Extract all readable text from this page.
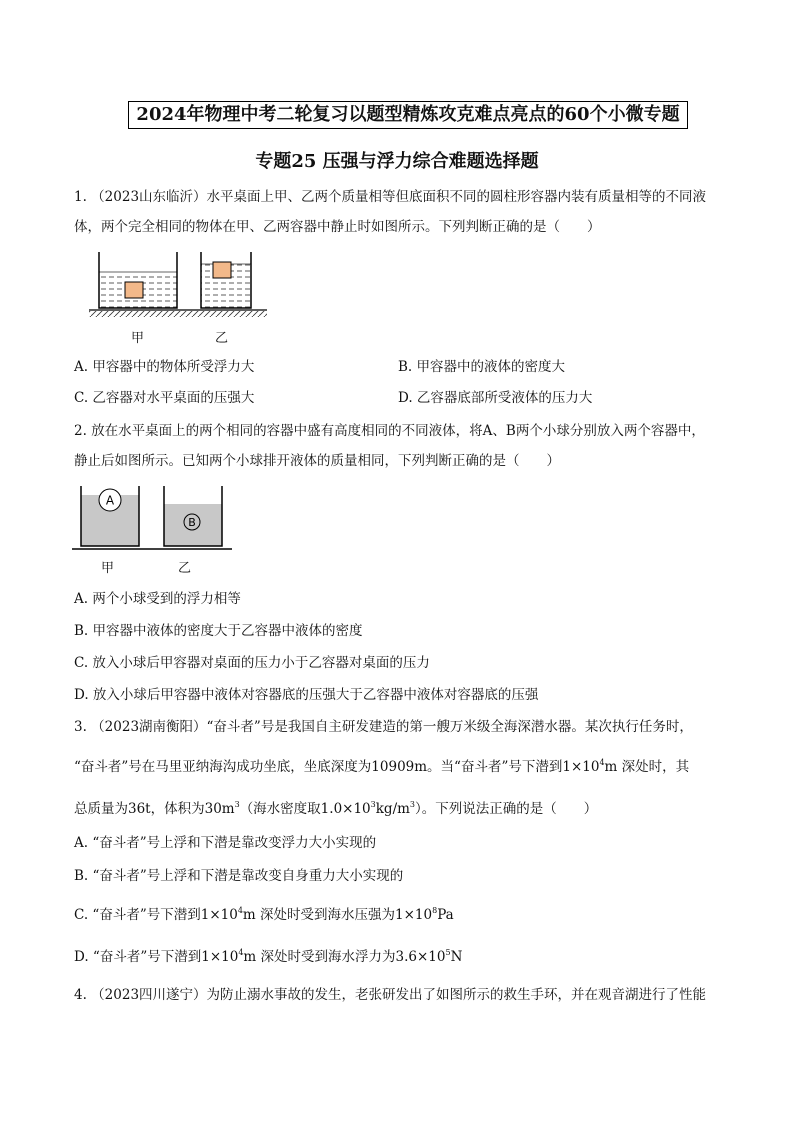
2024年物理中考二轮复习以题型精炼攻克难点亮点的60个小微专题
专题25 压强与浮力综合难题选择题
1. （2023山东临沂）水平桌面上甲、乙两个质量相等但底面积不同的圆柱形容器内装有质量相等的不同液
体，两个完全相同的物体在甲、乙两容器中静止时如图所示。下列判断正确的是（　　）
甲	乙
A. 甲容器中的物体所受浮力大	B. 甲容器中的液体的密度大
C. 乙容器对水平桌面的压强大	D. 乙容器底部所受液体的压力大
2. 放在水平桌面上的两个相同的容器中盛有高度相同的不同液体，将A、B两个小球分别放入两个容器中，
静止后如图所示。已知两个小球排开液体的质量相同，下列判断正确的是（　　）
A
B
甲	乙
A. 两个小球受到的浮力相等
B. 甲容器中液体的密度大于乙容器中液体的密度
C. 放入小球后甲容器对桌面的压力小于乙容器对桌面的压力
D. 放入小球后甲容器中液体对容器底的压强大于乙容器中液体对容器底的压强
3. （2023湖南衡阳）“奋斗者”号是我国自主研发建造的第一艘万米级全海深潜水器。某次执行任务时，
“奋斗者”号在马里亚纳海沟成功坐底，坐底深度为10909m。当“奋斗者”号下潜到$1\times 10^4m$ 深处时，其
总质量为36t，体积为$30m^3$（海水密度取$1.0\times 10^3kg/m^3$）。下列说法正确的是（　　）
A. “奋斗者”号上浮和下潜是靠改变浮力大小实现的
B. “奋斗者”号上浮和下潜是靠改变自身重力大小实现的
C. “奋斗者”号下潜到$1\times 10^4m$ 深处时受到海水压强为$1\times 10^8Pa$
D. “奋斗者”号下潜到$1\times 10^4m$ 深处时受到海水浮力为$3.6\times 10^5N$
4. （2023四川遂宁）为防止溺水事故的发生，老张研发出了如图所示的救生手环，并在观音湖进行了性能
